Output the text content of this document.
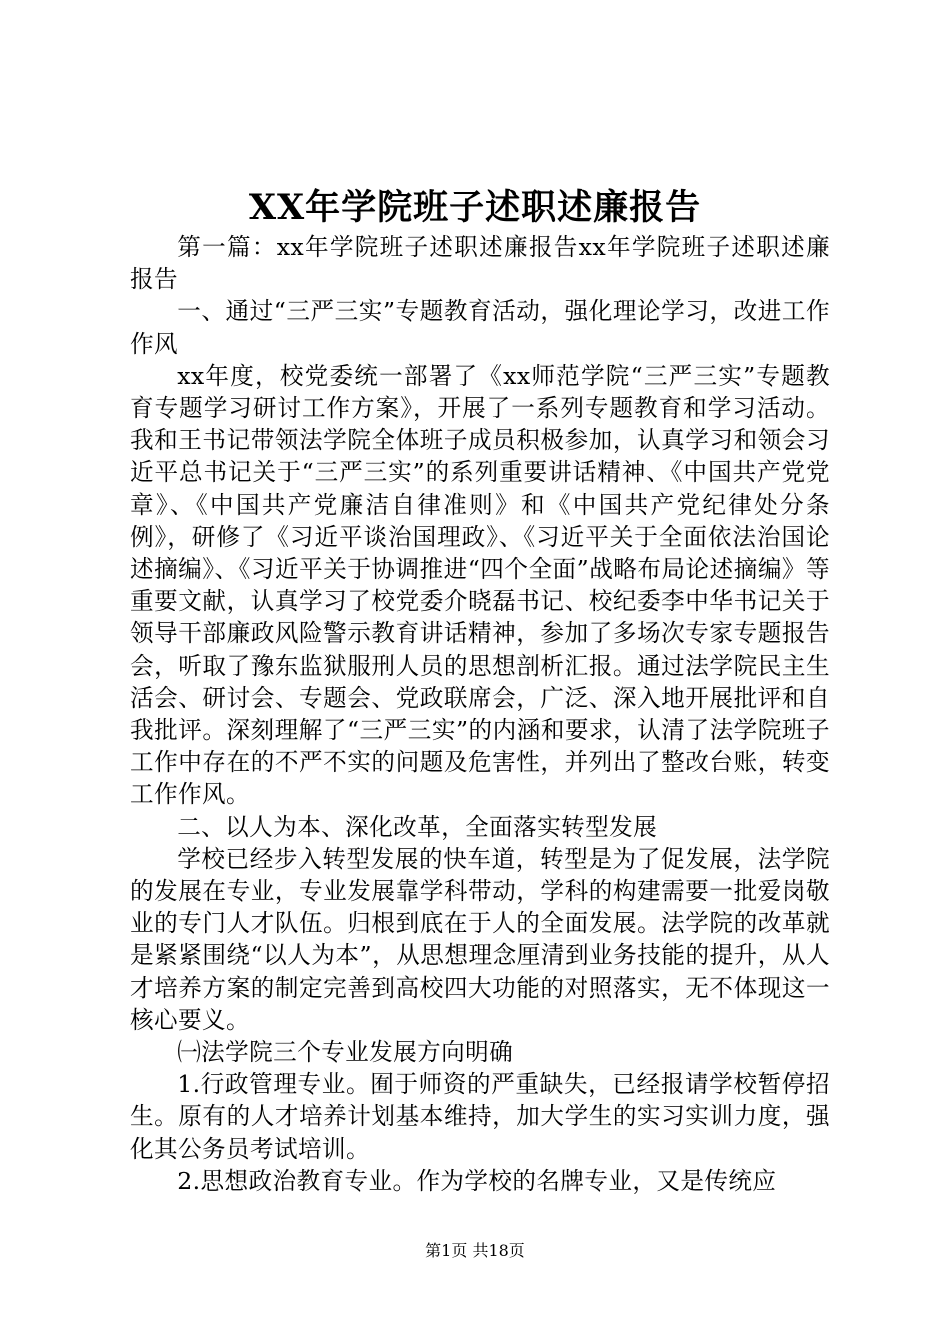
XX年学院班子述职述廉报告

第一篇：xx年学院班子述职述廉报告xx年学院班子述职述廉报告

一、通过“三严三实”专题教育活动，强化理论学习，改进工作作风

xx年度，校党委统一部署了《xx师范学院“三严三实”专题教育专题学习研讨工作方案》，开展了一系列专题教育和学习活动。我和王书记带领法学院全体班子成员积极参加，认真学习和领会习近平总书记关于“三严三实”的系列重要讲话精神、《中国共产党党章》、《中国共产党廉洁自律准则》和《中国共产党纪律处分条例》，研修了《习近平谈治国理政》、《习近平关于全面依法治国论述摘编》、《习近平关于协调推进“四个全面”战略布局论述摘编》等重要文献，认真学习了校党委介晓磊书记、校纪委李中华书记关于领导干部廉政风险警示教育讲话精神，参加了多场次专家专题报告会，听取了豫东监狱服刑人员的思想剖析汇报。通过法学院民主生活会、研讨会、专题会、党政联席会，广泛、深入地开展批评和自我批评。深刻理解了“三严三实”的内涵和要求，认清了法学院班子工作中存在的不严不实的问题及危害性，并列出了整改台账，转变工作作风。

二、以人为本、深化改革，全面落实转型发展

学校已经步入转型发展的快车道，转型是为了促发展，法学院的发展在专业，专业发展靠学科带动，学科的构建需要一批爱岗敬业的专门人才队伍。归根到底在于人的全面发展。法学院的改革就是紧紧围绕“以人为本”，从思想理念厘清到业务技能的提升，从人才培养方案的制定完善到高校四大功能的对照落实，无不体现这一核心要义。

㈠法学院三个专业发展方向明确

1.行政管理专业。囿于师资的严重缺失，已经报请学校暂停招生。原有的人才培养计划基本维持，加大学生的实习实训力度，强化其公务员考试培训。

2.思想政治教育专业。作为学校的名牌专业，又是传统应

第1页 共18页
